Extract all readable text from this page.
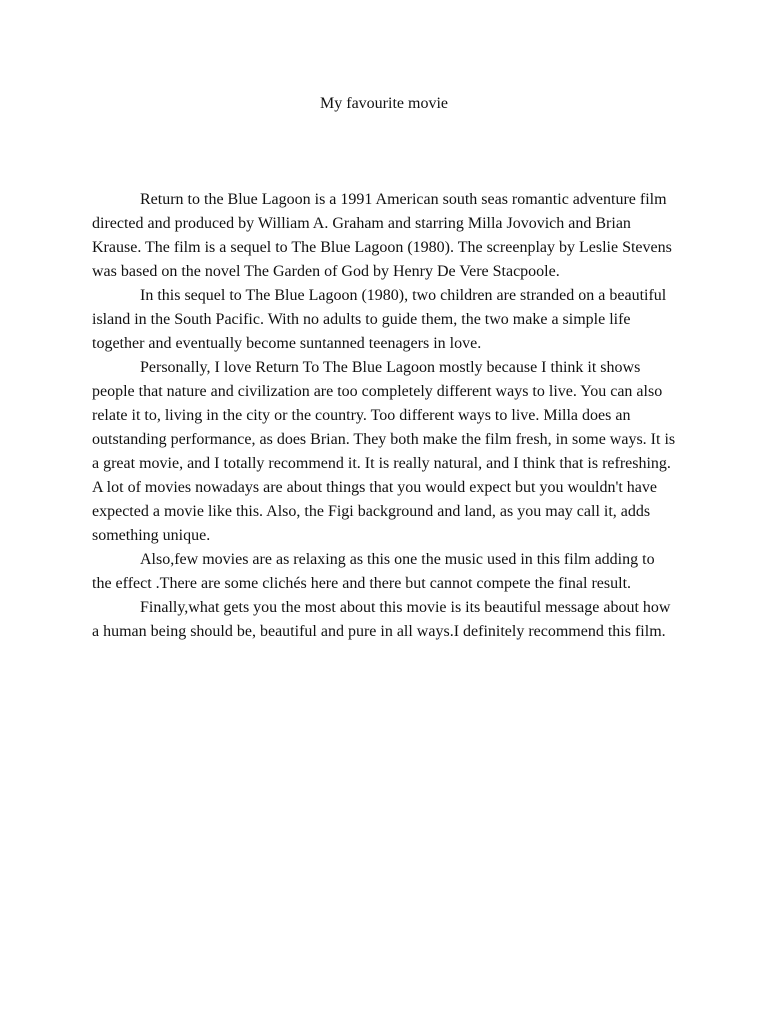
My favourite movie

Return to the Blue Lagoon is a 1991 American south seas romantic adventure film directed and produced by William A. Graham and starring Milla Jovovich and Brian Krause. The film is a sequel to The Blue Lagoon (1980). The screenplay by Leslie Stevens was based on the novel The Garden of God by Henry De Vere Stacpoole.

In this sequel to The Blue Lagoon (1980), two children are stranded on a beautiful island in the South Pacific. With no adults to guide them, the two make a simple life together and eventually become suntanned teenagers in love.

Personally, I love Return To The Blue Lagoon mostly because I think it shows people that nature and civilization are too completely different ways to live. You can also relate it to, living in the city or the country. Too different ways to live. Milla does an outstanding performance, as does Brian. They both make the film fresh, in some ways. It is a great movie, and I totally recommend it. It is really natural, and I think that is refreshing. A lot of movies nowadays are about things that you would expect but you wouldn't have expected a movie like this. Also, the Figi background and land, as you may call it, adds something unique.

Also,few movies are as relaxing as this one the music used in this film adding to the effect .There are some clichés here and there but cannot compete the final result.

Finally,what gets you the most about this movie is its beautiful message about how a human being should be, beautiful and pure in all ways.I definitely recommend this film.
